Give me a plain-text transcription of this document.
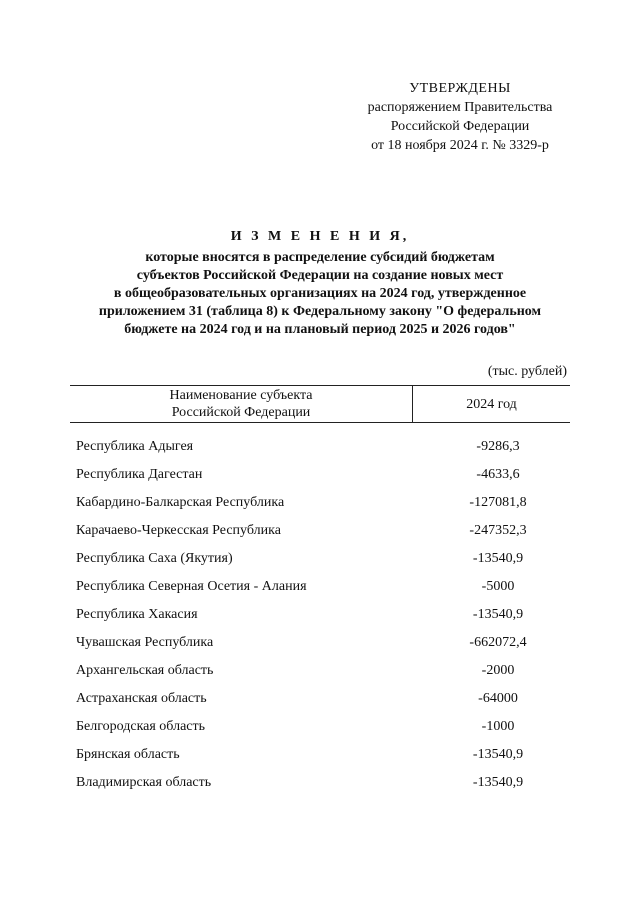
УТВЕРЖДЕНЫ
распоряжением Правительства
Российской Федерации
от 18 ноября 2024 г. № 3329-р
И З М Е Н Е Н И Я,
которые вносятся в распределение субсидий бюджетам
субъектов Российской Федерации на создание новых мест
в общеобразовательных организациях на 2024 год, утвержденное
приложением 31 (таблица 8) к Федеральному закону "О федеральном
бюджете на 2024 год и на плановый период 2025 и 2026 годов"
(тыс. рублей)
Наименование субъекта
Российской Федерации
2024 год
Республика Адыгея	-9286,3
Республика Дагестан	-4633,6
Кабардино-Балкарская Республика	-127081,8
Карачаево-Черкесская Республика	-247352,3
Республика Саха (Якутия)	-13540,9
Республика Северная Осетия - Алания	-5000
Республика Хакасия	-13540,9
Чувашская Республика	-662072,4
Архангельская область	-2000
Астраханская область	-64000
Белгородская область	-1000
Брянская область	-13540,9
Владимирская область	-13540,9
